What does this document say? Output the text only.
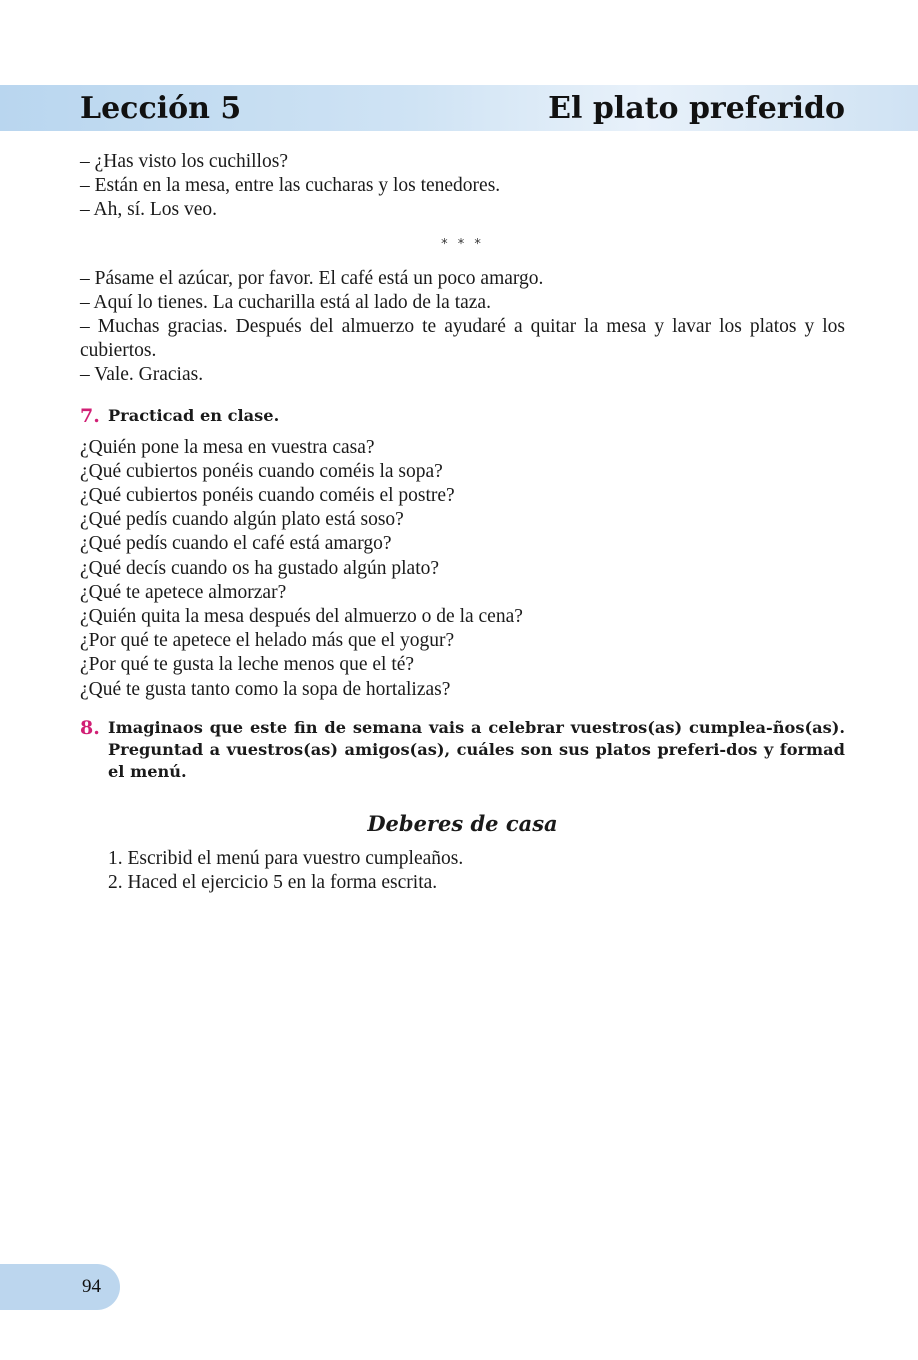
Lección 5	El plato preferido

– ¿Has visto los cuchillos?

– Están en la mesa, entre las cucharas y los tenedores.

– Ah, sí. Los veo.

* * *

– Pásame el azúcar, por favor. El café está un poco amargo.

– Aquí lo tienes. La cucharilla está al lado de la taza.

– Muchas gracias. Después del almuerzo te ayudaré a quitar la mesa y lavar los platos y los cubiertos.

– Vale. Gracias.

7. Practicad en clase.

¿Quién pone la mesa en vuestra casa?

¿Qué cubiertos ponéis cuando coméis la sopa?

¿Qué cubiertos ponéis cuando coméis el postre?

¿Qué pedís cuando algún plato está soso?

¿Qué pedís cuando el café está amargo?

¿Qué decís cuando os ha gustado algún plato?

¿Qué te apetece almorzar?

¿Quién quita la mesa después del almuerzo o de la cena?

¿Por qué te apetece el helado más que el yogur?

¿Por qué te gusta la leche menos que el té?

¿Qué te gusta tanto como la sopa de hortalizas?

8. Imaginaos que este fin de semana vais a celebrar vuestros(as) cumplea-ños(as). Preguntad a vuestros(as) amigos(as), cuáles son sus platos preferi-dos y formad el menú.

Deberes de casa

1. Escribid el menú para vuestro cumpleaños.

2. Haced el ejercicio 5 en la forma escrita.

94
